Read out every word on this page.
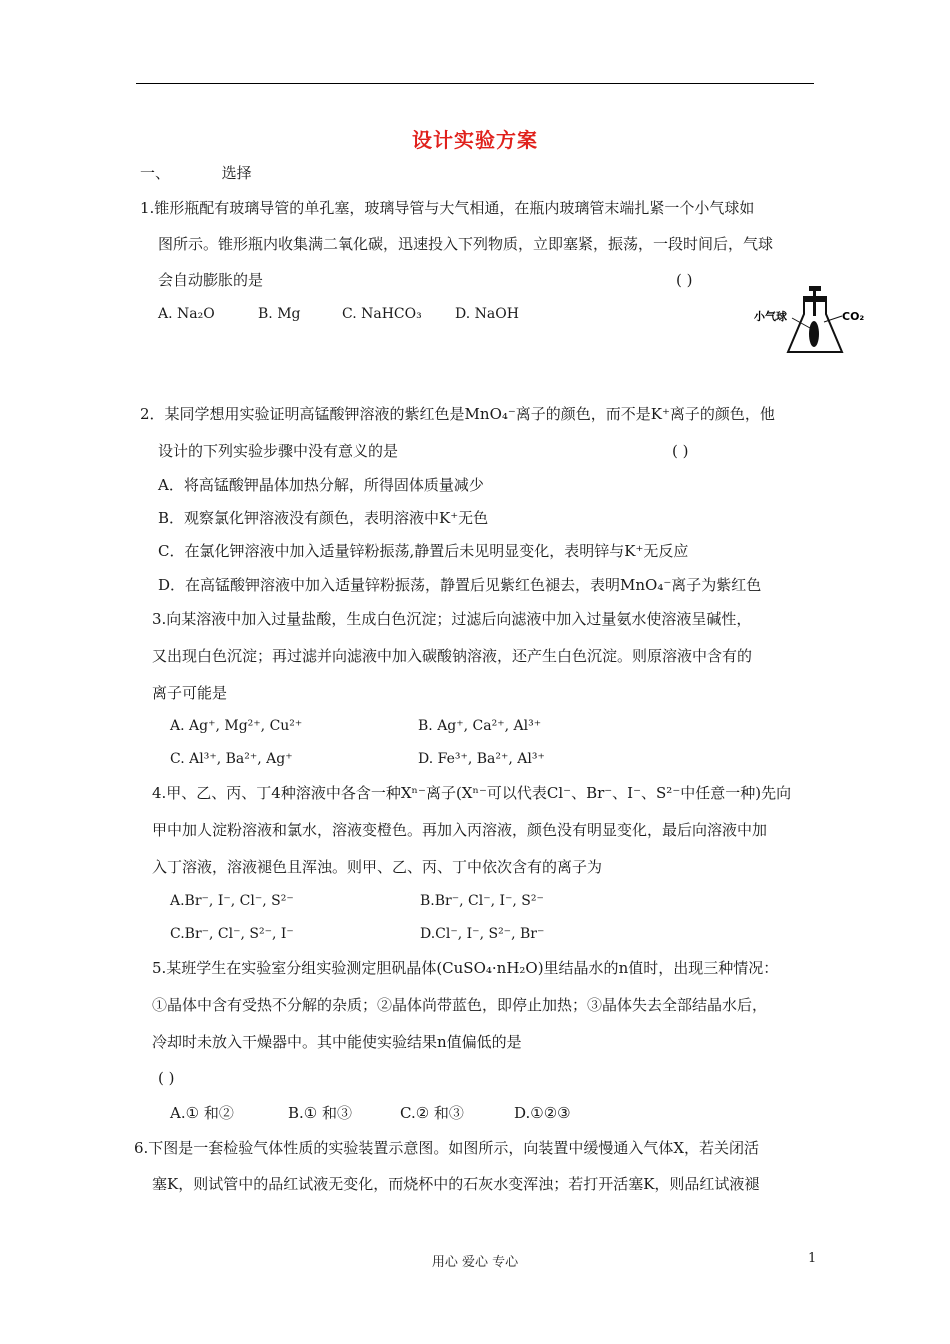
设计实验方案
一、	选择
1.锥形瓶配有玻璃导管的单孔塞，玻璃导管与大气相通，在瓶内玻璃管末端扎紧一个小气球如
图所示。锥形瓶内收集满二氧化碳，迅速投入下列物质，立即塞紧，振荡，一段时间后，气球
会自动膨胀的是	( )
A. Na₂O	B. Mg	C. NaHCO₃ D. NaOH	小气球	CO₂
2．某同学想用实验证明高锰酸钾溶液的紫红色是MnO₄⁻离子的颜色，而不是K⁺离子的颜色，他
设计的下列实验步骤中没有意义的是	( )
A．将高锰酸钾晶体加热分解，所得固体质量减少
B．观察氯化钾溶液没有颜色，表明溶液中K⁺无色
C．在氯化钾溶液中加入适量锌粉振荡,静置后未见明显变化，表明锌与K⁺无反应
D．在高锰酸钾溶液中加入适量锌粉振荡，静置后见紫红色褪去，表明MnO₄⁻离子为紫红色
3.向某溶液中加入过量盐酸，生成白色沉淀；过滤后向滤液中加入过量氨水使溶液呈碱性，
又出现白色沉淀；再过滤并向滤液中加入碳酸钠溶液，还产生白色沉淀。则原溶液中含有的
离子可能是
A. Ag⁺, Mg²⁺, Cu²⁺	B. Ag⁺, Ca²⁺, Al³⁺
C. Al³⁺, Ba²⁺, Ag⁺	D. Fe³⁺, Ba²⁺, Al³⁺
4.甲、乙、丙、丁4种溶液中各含一种Xⁿ⁻离子(Xⁿ⁻可以代表Cl⁻、Br⁻、I⁻、S²⁻中任意一种)先向
甲中加人淀粉溶液和氯水，溶液变橙色。再加入丙溶液，颜色没有明显变化，最后向溶液中加
入丁溶液，溶液褪色且浑浊。则甲、乙、丙、丁中依次含有的离子为
A.Br⁻, I⁻, Cl⁻, S²⁻	B.Br⁻, Cl⁻, I⁻, S²⁻
C.Br⁻, Cl⁻, S²⁻, I⁻	D.Cl⁻, I⁻, S²⁻, Br⁻
5.某班学生在实验室分组实验测定胆矾晶体(CuSO₄·nH₂O)里结晶水的n值时，出现三种情况：
①晶体中含有受热不分解的杂质；②晶体尚带蓝色，即停止加热；③晶体失去全部结晶水后，
冷却时未放入干燥器中。其中能使实验结果n值偏低的是
( )
A.① 和②	B.① 和③	C.② 和③	D.①②③
6.下图是一套检验气体性质的实验装置示意图。如图所示，向装置中缓慢通入气体X，若关闭活
塞K，则试管中的品红试液无变化，而烧杯中的石灰水变浑浊；若打开活塞K，则品红试液褪
用心 爱心 专心	1
